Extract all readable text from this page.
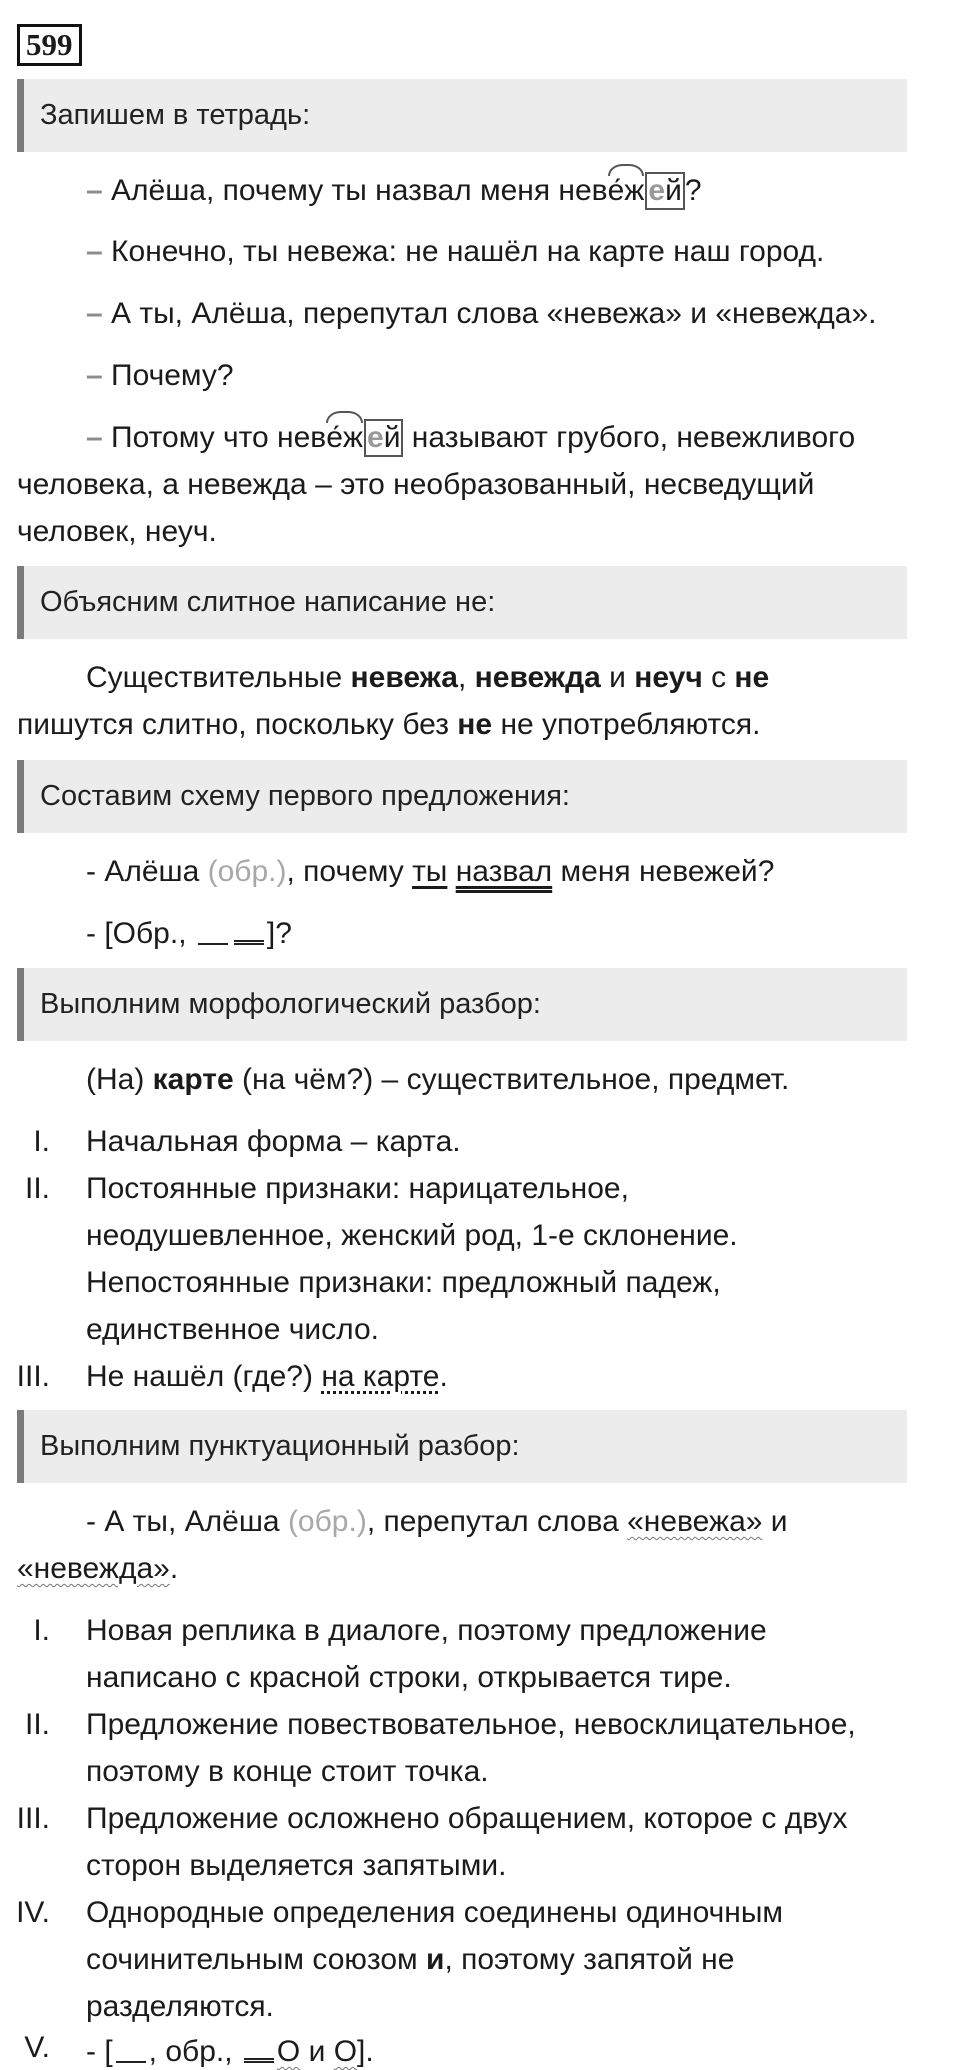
599
Запишем в тетрадь:
– Алёша, почему ты назвал меня неве́ж ей ?
– Конечно, ты невежа: не нашёл на карте наш город.
– А ты, Алёша, перепутал слова «невежа» и «невежда».
– Почему?
– Потому что неве́ж ей называют грубого, невежливого
человека, а невежда – это необразованный, несведущий
человек, неуч.
Объясним слитное написание не:
Существительные невежа, невежда и неуч с не
пишутся слитно, поскольку без не не употребляются.
Составим схему первого предложения:
- Алёша (обр.), почему ты назвал меня невежей?
- [Обр., ]?
Выполним морфологический разбор:
(На) карте (на чём?) – существительное, предмет.
I. Начальная форма – карта.
II. Постоянные признаки: нарицательное,
неодушевленное, женский род, 1-е склонение.
Непостоянные признаки: предложный падеж,
единственное число.
III. Не нашёл (где?) на карте.
Выполним пунктуационный разбор:
- А ты, Алёша (обр.), перепутал слова «невежа» и
«невежда».
I. Новая реплика в диалоге, поэтому предложение
написано с красной строки, открывается тире.
II. Предложение повествовательное, невосклицательное,
поэтому в конце стоит точка.
III. Предложение осложнено обращением, которое с двух
сторон выделяется запятыми.
IV. Однородные определения соединены одиночным
сочинительным союзом и, поэтому запятой не
разделяются.
V. - [ , обр., О и О].
